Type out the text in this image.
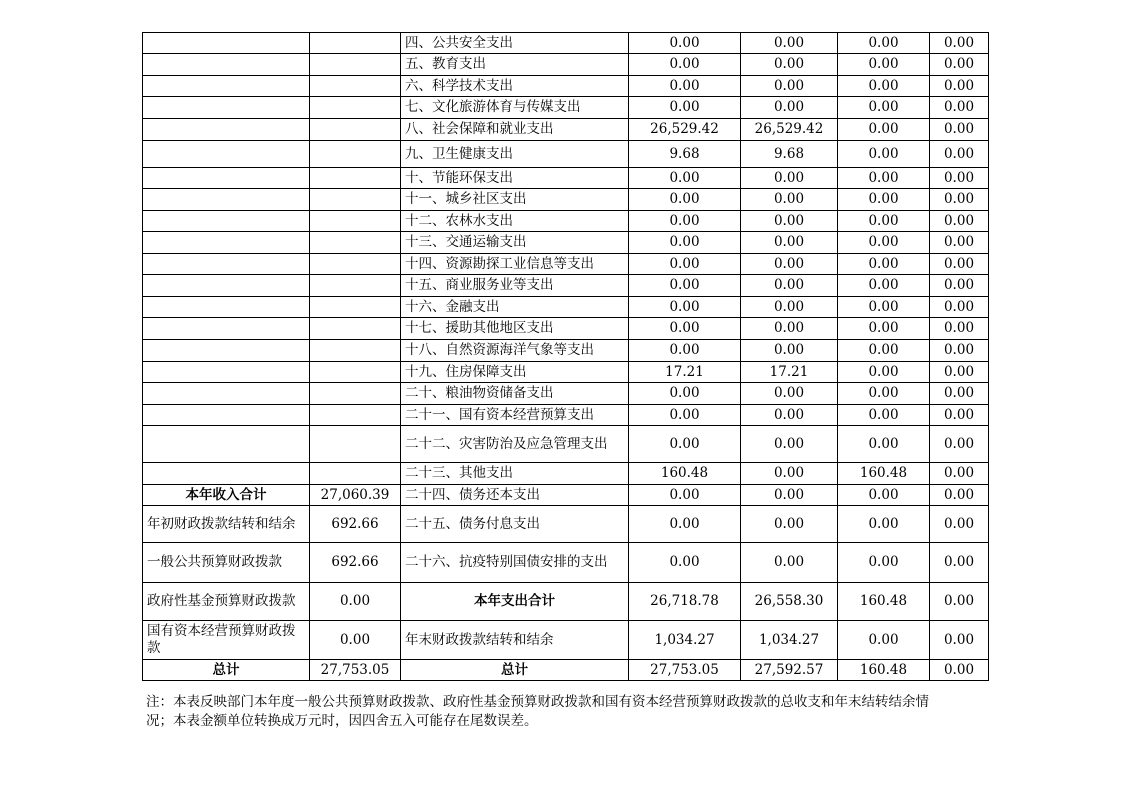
		四、公共安全支出	0.00	0.00	0.00	0.00
		五、教育支出	0.00	0.00	0.00	0.00
		六、科学技术支出	0.00	0.00	0.00	0.00
		七、文化旅游体育与传媒支出	0.00	0.00	0.00	0.00
		八、社会保障和就业支出	26,529.42	26,529.42	0.00	0.00
		九、卫生健康支出	9.68	9.68	0.00	0.00
		十、节能环保支出	0.00	0.00	0.00	0.00
		十一、城乡社区支出	0.00	0.00	0.00	0.00
		十二、农林水支出	0.00	0.00	0.00	0.00
		十三、交通运输支出	0.00	0.00	0.00	0.00
		十四、资源勘探工业信息等支出	0.00	0.00	0.00	0.00
		十五、商业服务业等支出	0.00	0.00	0.00	0.00
		十六、金融支出	0.00	0.00	0.00	0.00
		十七、援助其他地区支出	0.00	0.00	0.00	0.00
		十八、自然资源海洋气象等支出	0.00	0.00	0.00	0.00
		十九、住房保障支出	17.21	17.21	0.00	0.00
		二十、粮油物资储备支出	0.00	0.00	0.00	0.00
		二十一、国有资本经营预算支出	0.00	0.00	0.00	0.00
		二十二、灾害防治及应急管理支出	0.00	0.00	0.00	0.00
		二十三、其他支出	160.48	0.00	160.48	0.00
本年收入合计	27,060.39	二十四、债务还本支出	0.00	0.00	0.00	0.00
年初财政拨款结转和结余	692.66	二十五、债务付息支出	0.00	0.00	0.00	0.00
一般公共预算财政拨款	692.66	二十六、抗疫特别国债安排的支出	0.00	0.00	0.00	0.00
政府性基金预算财政拨款	0.00	本年支出合计	26,718.78	26,558.30	160.48	0.00
国有资本经营预算财政拨款	0.00	年末财政拨款结转和结余	1,034.27	1,034.27	0.00	0.00
总计	27,753.05	总计	27,753.05	27,592.57	160.48	0.00
注：本表反映部门本年度一般公共预算财政拨款、政府性基金预算财政拨款和国有资本经营预算财政拨款的总收支和年末结转结余情况；本表金额单位转换成万元时，因四舍五入可能存在尾数误差。
